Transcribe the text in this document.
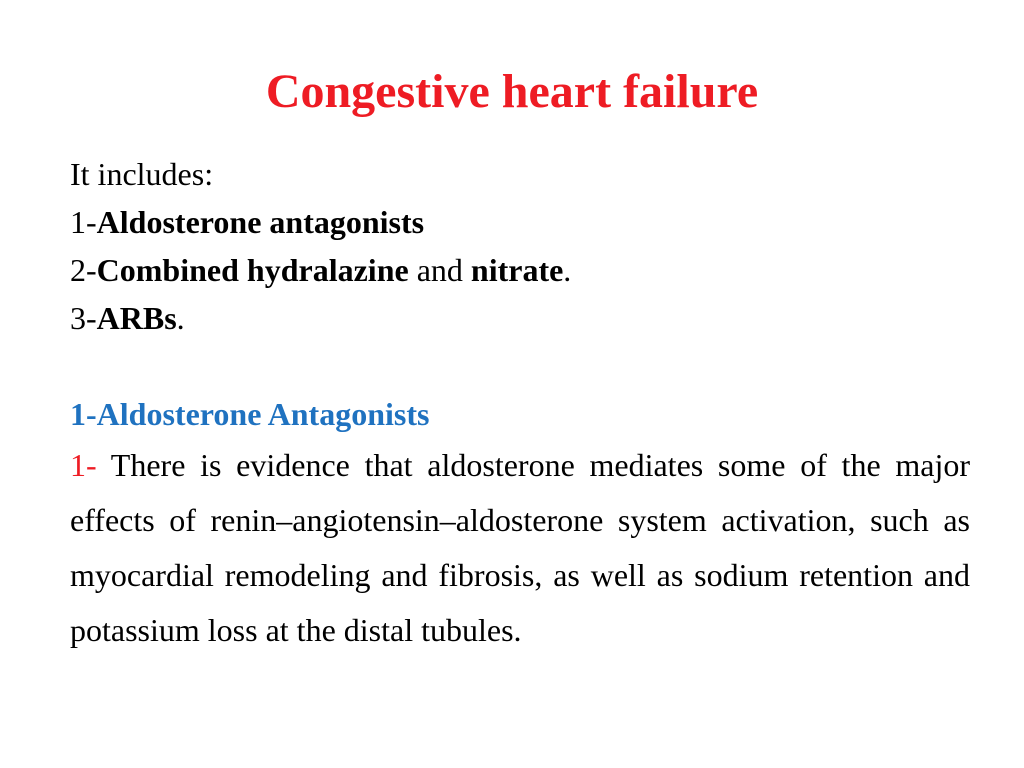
Congestive heart failure
It includes:
1-Aldosterone antagonists
2-Combined hydralazine and nitrate.
3-ARBs.
1-Aldosterone Antagonists

1- There is evidence that aldosterone mediates some of the major effects of renin–angiotensin–aldosterone system activation, such as myocardial remodeling and fibrosis, as well as sodium retention and potassium loss at the distal tubules.
